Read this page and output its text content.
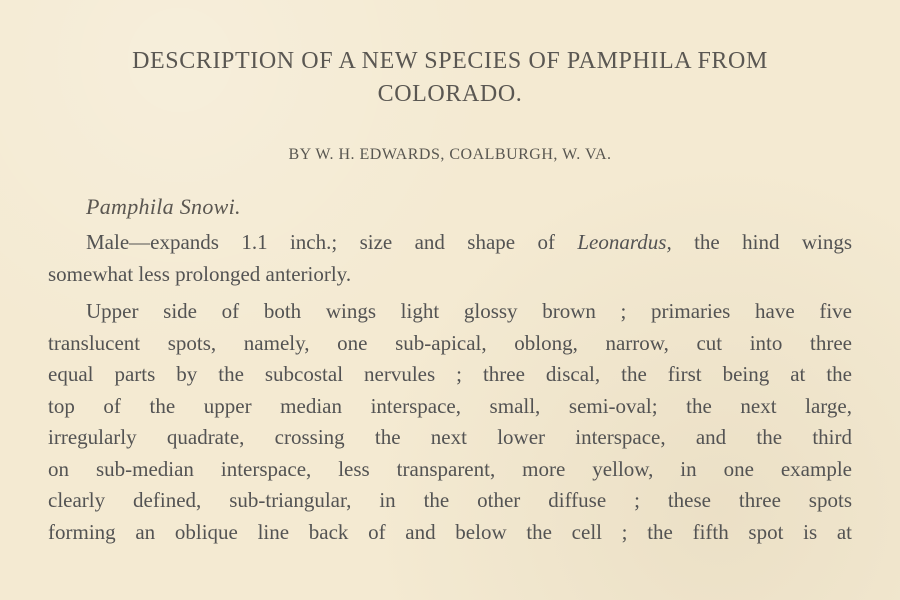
DESCRIPTION OF A NEW SPECIES OF PAMPHILA FROM
COLORADO.
BY W. H. EDWARDS, COALBURGH, W. VA.
Pamphila Snowi.

Male—expands 1.1 inch.; size and shape of Leonardus, the hind wings
somewhat less prolonged anteriorly.

Upper side of both wings light glossy brown ; primaries have five
translucent spots, namely, one sub-apical, oblong, narrow, cut into three
equal parts by the subcostal nervules ; three discal, the first being at the
top of the upper median interspace, small, semi-oval; the next large,
irregularly quadrate, crossing the next lower interspace, and the third
on sub-median interspace, less transparent, more yellow, in one example
clearly defined, sub-triangular, in the other diffuse ; these three spots
forming an oblique line back of and below the cell ; the fifth spot is at
